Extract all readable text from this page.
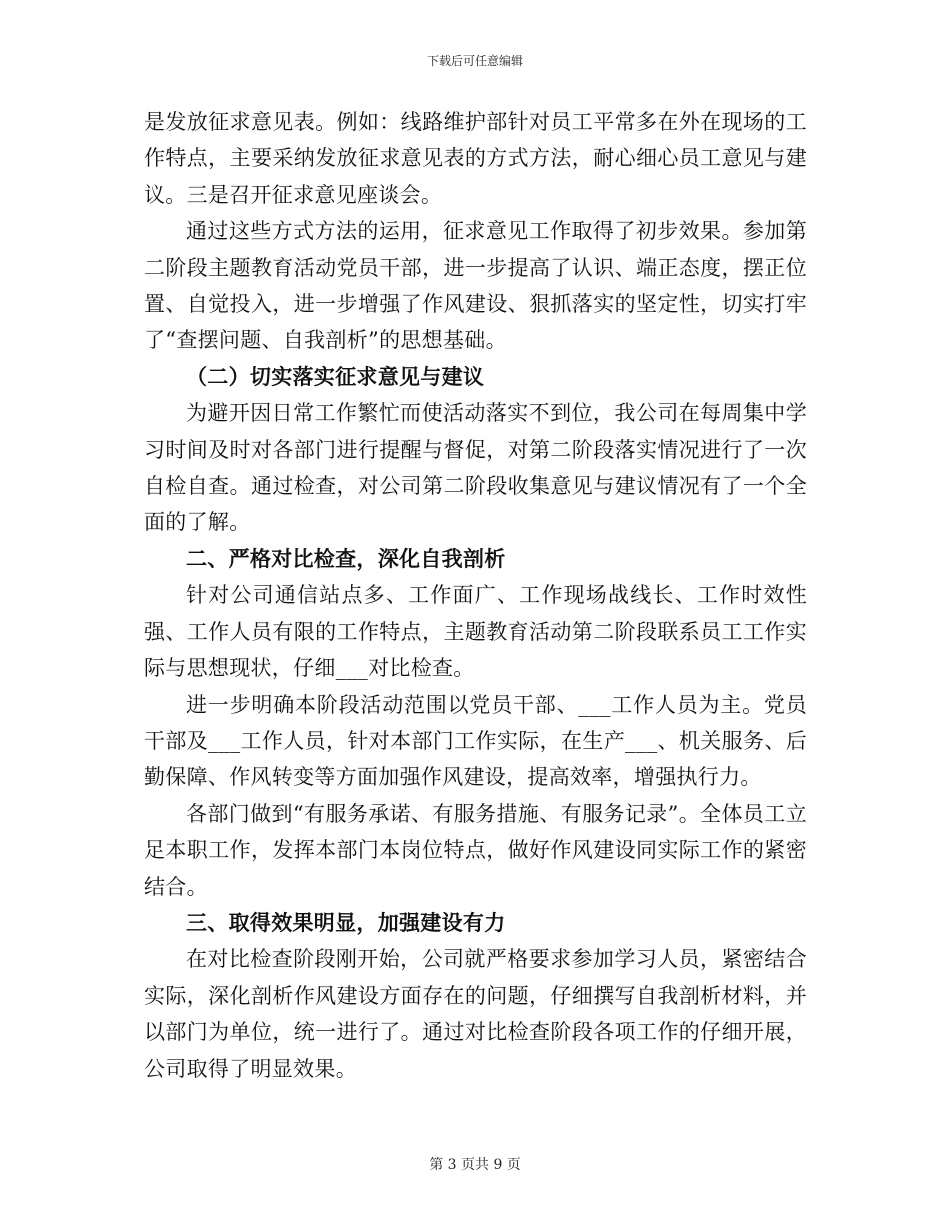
下载后可任意编辑

是发放征求意见表。例如：线路维护部针对员工平常多在外在现场的工作特点，主要采纳发放征求意见表的方式方法，耐心细心员工意见与建议。三是召开征求意见座谈会。

通过这些方式方法的运用，征求意见工作取得了初步效果。参加第二阶段主题教育活动党员干部，进一步提高了认识、端正态度，摆正位置、自觉投入，进一步增强了作风建设、狠抓落实的坚定性，切实打牢了“查摆问题、自我剖析”的思想基础。

（二）切实落实征求意见与建议

为避开因日常工作繁忙而使活动落实不到位，我公司在每周集中学习时间及时对各部门进行提醒与督促，对第二阶段落实情况进行了一次自检自查。通过检查，对公司第二阶段收集意见与建议情况有了一个全面的了解。

二、严格对比检查，深化自我剖析

针对公司通信站点多、工作面广、工作现场战线长、工作时效性强、工作人员有限的工作特点，主题教育活动第二阶段联系员工工作实际与思想现状，仔细___对比检查。

进一步明确本阶段活动范围以党员干部、___工作人员为主。党员干部及___工作人员，针对本部门工作实际，在生产___、机关服务、后勤保障、作风转变等方面加强作风建设，提高效率，增强执行力。

各部门做到“有服务承诺、有服务措施、有服务记录”。全体员工立足本职工作，发挥本部门本岗位特点，做好作风建设同实际工作的紧密结合。

三、取得效果明显，加强建设有力

在对比检查阶段刚开始，公司就严格要求参加学习人员，紧密结合实际，深化剖析作风建设方面存在的问题，仔细撰写自我剖析材料，并以部门为单位，统一进行了。通过对比检查阶段各项工作的仔细开展，公司取得了明显效果。

第 3 页共 9 页
